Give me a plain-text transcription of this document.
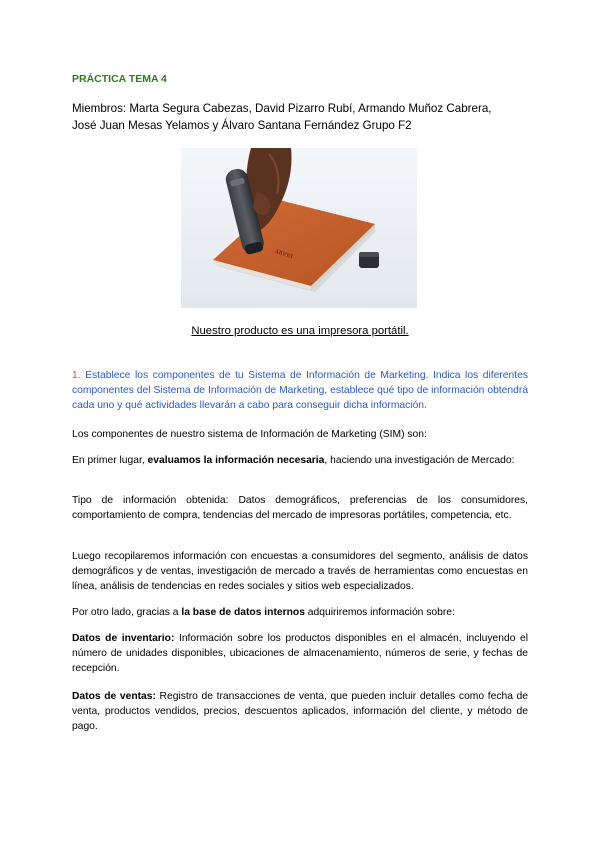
PRÁCTICA TEMA 4
Miembros: Marta Segura Cabezas, David Pizarro Rubí, Armando Muñoz Cabrera,
José Juan Mesas Yelamos y Álvaro Santana Fernández Grupo F2
DIARY
Nuestro producto es una impresora portátil.
1. Establece los componentes de tu Sistema de Información de Marketing. Indica los diferentes componentes del Sistema de Información de Marketing, establece qué tipo de información obtendrá cada uno y qué actividades llevarán a cabo para conseguir dicha información.
Los componentes de nuestro sistema de Información de Marketing (SIM) son:
En primer lugar, evaluamos la información necesaria, haciendo una investigación de Mercado:
Tipo de información obtenida: Datos demográficos, preferencias de los consumidores, comportamiento de compra, tendencias del mercado de impresoras portátiles, competencia, etc.
Luego recopilaremos información con encuestas a consumidores del segmento, análisis de datos demográficos y de ventas, investigación de mercado a través de herramientas como encuestas en línea, análisis de tendencias en redes sociales y sitios web especializados.
Por otro lado, gracias a la base de datos internos adquiriremos información sobre:
Datos de inventario: Información sobre los productos disponibles en el almacén, incluyendo el número de unidades disponibles, ubicaciones de almacenamiento, números de serie, y fechas de recepción.
Datos de ventas: Registro de transacciones de venta, que pueden incluir detalles como fecha de venta, productos vendidos, precios, descuentos aplicados, información del cliente, y método de pago.
